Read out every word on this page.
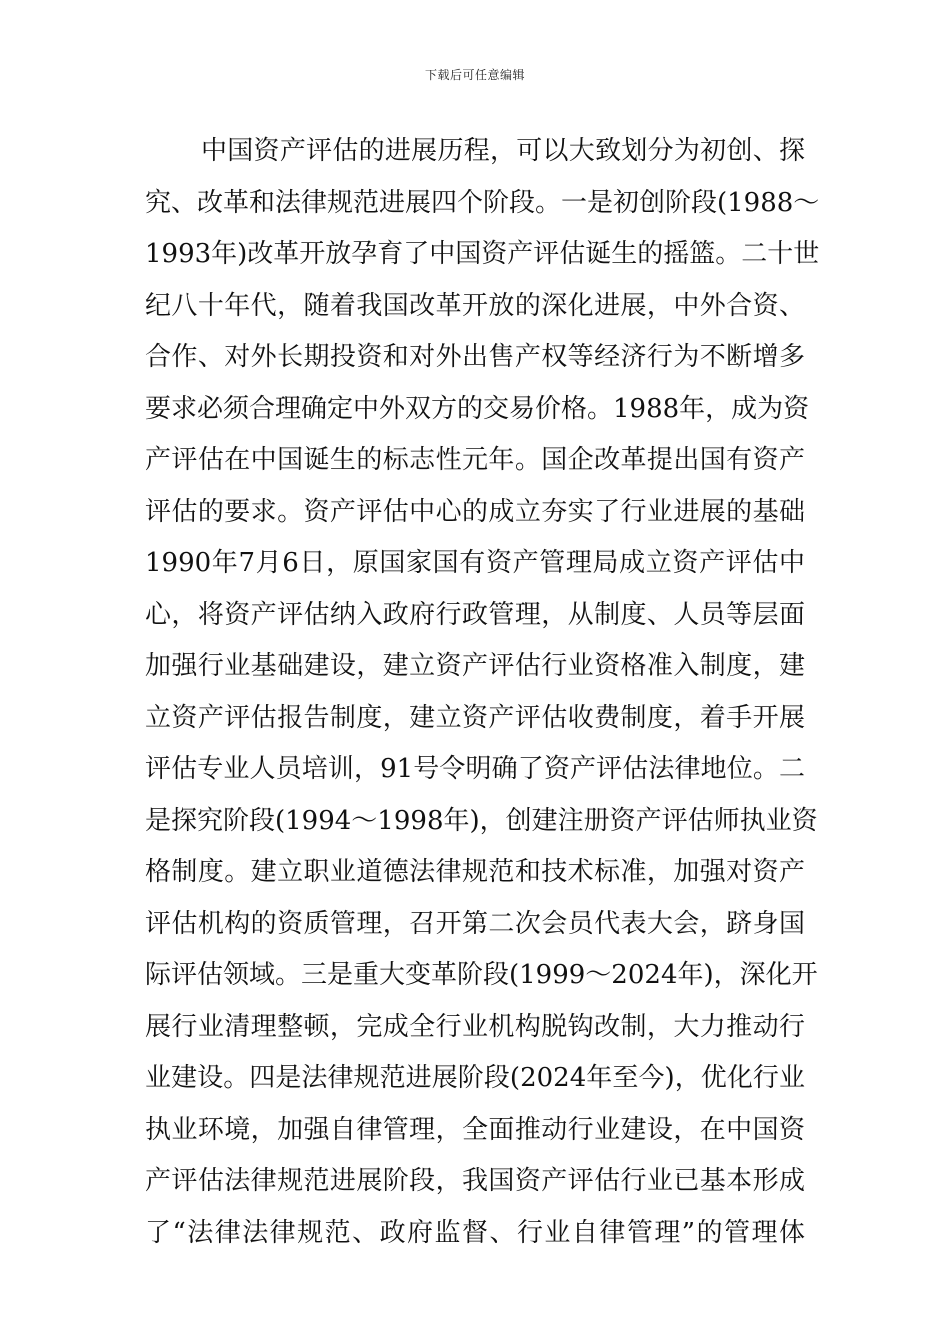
下载后可任意编辑
中国资产评估的进展历程，可以大致划分为初创、探
究、改革和法律规范进展四个阶段。一是初创阶段(1988～
1993年)改革开放孕育了中国资产评估诞生的摇篮。二十世
纪八十年代，随着我国改革开放的深化进展，中外合资、
合作、对外长期投资和对外出售产权等经济行为不断增多
要求必须合理确定中外双方的交易价格。1988年，成为资
产评估在中国诞生的标志性元年。国企改革提出国有资产
评估的要求。资产评估中心的成立夯实了行业进展的基础
1990年7月6日，原国家国有资产管理局成立资产评估中
心，将资产评估纳入政府行政管理，从制度、人员等层面
加强行业基础建设，建立资产评估行业资格准入制度，建
立资产评估报告制度，建立资产评估收费制度，着手开展
评估专业人员培训，91号令明确了资产评估法律地位。二
是探究阶段(1994～1998年)，创建注册资产评估师执业资
格制度。建立职业道德法律规范和技术标准，加强对资产
评估机构的资质管理，召开第二次会员代表大会，跻身国
际评估领域。三是重大变革阶段(1999～2024年)，深化开
展行业清理整顿，完成全行业机构脱钩改制，大力推动行
业建设。四是法律规范进展阶段(2024年至今)，优化行业
执业环境，加强自律管理，全面推动行业建设，在中国资
产评估法律规范进展阶段，我国资产评估行业已基本形成
了“法律法律规范、政府监督、行业自律管理”的管理体
